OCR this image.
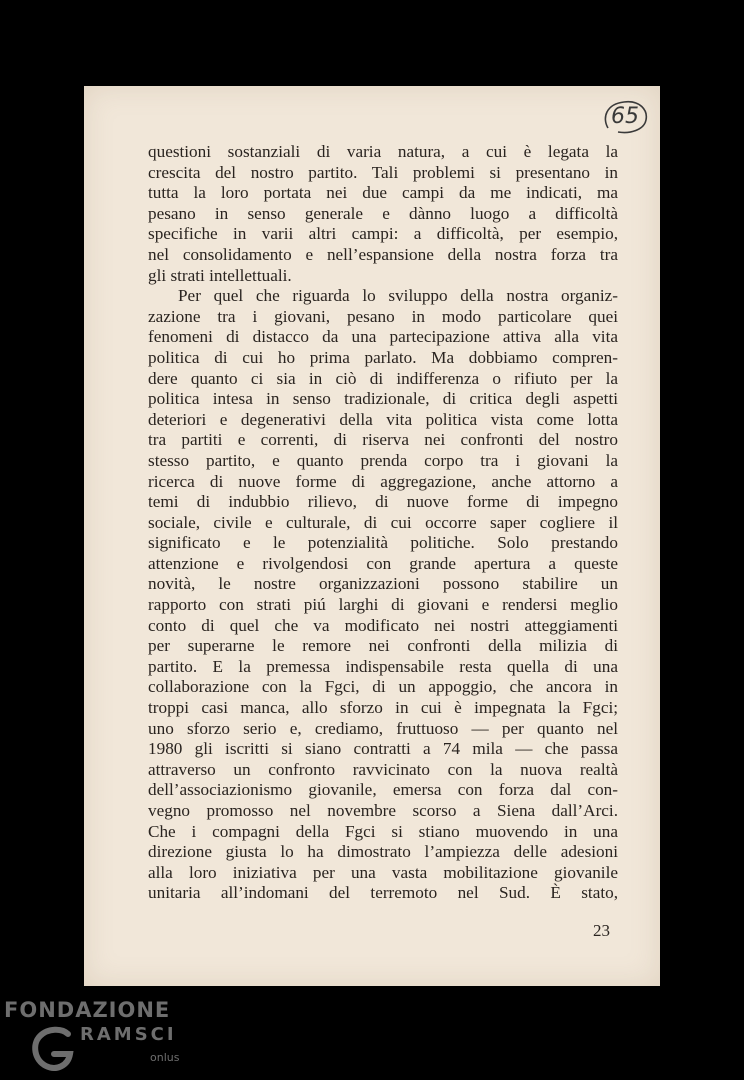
65
questioni sostanziali di varia natura, a cui è legata la
crescita del nostro partito. Tali problemi si presentano in
tutta la loro portata nei due campi da me indicati, ma
pesano in senso generale e dànno luogo a difficoltà
specifiche in varii altri campi: a difficoltà, per esempio,
nel consolidamento e nell’espansione della nostra forza tra
gli strati intellettuali.
Per quel che riguarda lo sviluppo della nostra organiz-
zazione tra i giovani, pesano in modo particolare quei
fenomeni di distacco da una partecipazione attiva alla vita
politica di cui ho prima parlato. Ma dobbiamo compren-
dere quanto ci sia in ciò di indifferenza o rifiuto per la
politica intesa in senso tradizionale, di critica degli aspetti
deteriori e degenerativi della vita politica vista come lotta
tra partiti e correnti, di riserva nei confronti del nostro
stesso partito, e quanto prenda corpo tra i giovani la
ricerca di nuove forme di aggregazione, anche attorno a
temi di indubbio rilievo, di nuove forme di impegno
sociale, civile e culturale, di cui occorre saper cogliere il
significato e le potenzialità politiche. Solo prestando
attenzione e rivolgendosi con grande apertura a queste
novità, le nostre organizzazioni possono stabilire un
rapporto con strati piú larghi di giovani e rendersi meglio
conto di quel che va modificato nei nostri atteggiamenti
per superarne le remore nei confronti della milizia di
partito. E la premessa indispensabile resta quella di una
collaborazione con la Fgci, di un appoggio, che ancora in
troppi casi manca, allo sforzo in cui è impegnata la Fgci;
uno sforzo serio e, crediamo, fruttuoso — per quanto nel
1980 gli iscritti si siano contratti a 74 mila — che passa
attraverso un confronto ravvicinato con la nuova realtà
dell’associazionismo giovanile, emersa con forza dal con-
vegno promosso nel novembre scorso a Siena dall’Arci.
Che i compagni della Fgci si stiano muovendo in una
direzione giusta lo ha dimostrato l’ampiezza delle adesioni
alla loro iniziativa per una vasta mobilitazione giovanile
unitaria all’indomani del terremoto nel Sud. È stato,
23
FONDAZIONE
RAMSCI
onlus
